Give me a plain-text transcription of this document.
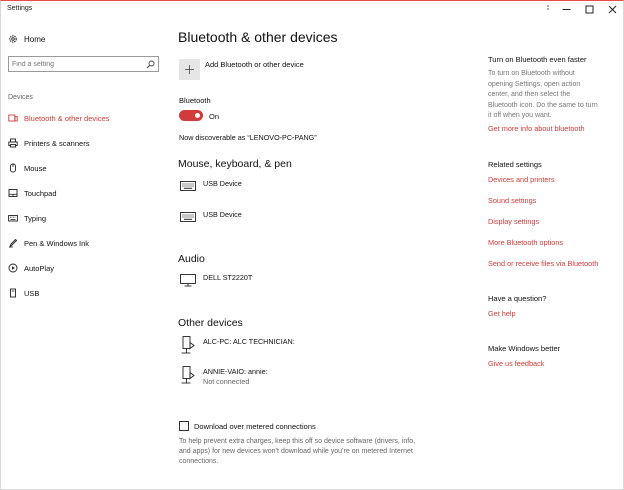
Settings
Home
Find a setting
Devices
Bluetooth & other devices
Printers & scanners
Mouse
Touchpad
Typing
Pen & Windows Ink
AutoPlay
USB
Bluetooth & other devices
Add Bluetooth or other device
Bluetooth
On
Now discoverable as “LENOVO-PC-PANG”
Mouse, keyboard, & pen
USB Device
USB Device
Audio
DELL ST2220T
Other devices
ALC-PC: ALC TECHNICIAN:
ANNIE-VAIO: annie:
Not connected
Download over metered connections
To help prevent extra charges, keep this off so device software (drivers, info, and apps) for new devices won’t download while you’re on metered Internet connections.
Turn on Bluetooth even faster
To turn on Bluetooth without opening Settings, open action center, and then select the Bluetooth icon. Do the same to turn it off when you want.
Get more info about bluetooth
Related settings
Devices and printers
Sound settings
Display settings
More Bluetooth options
Send or receive files via Bluetooth
Have a question?
Get help
Make Windows better
Give us feedback
